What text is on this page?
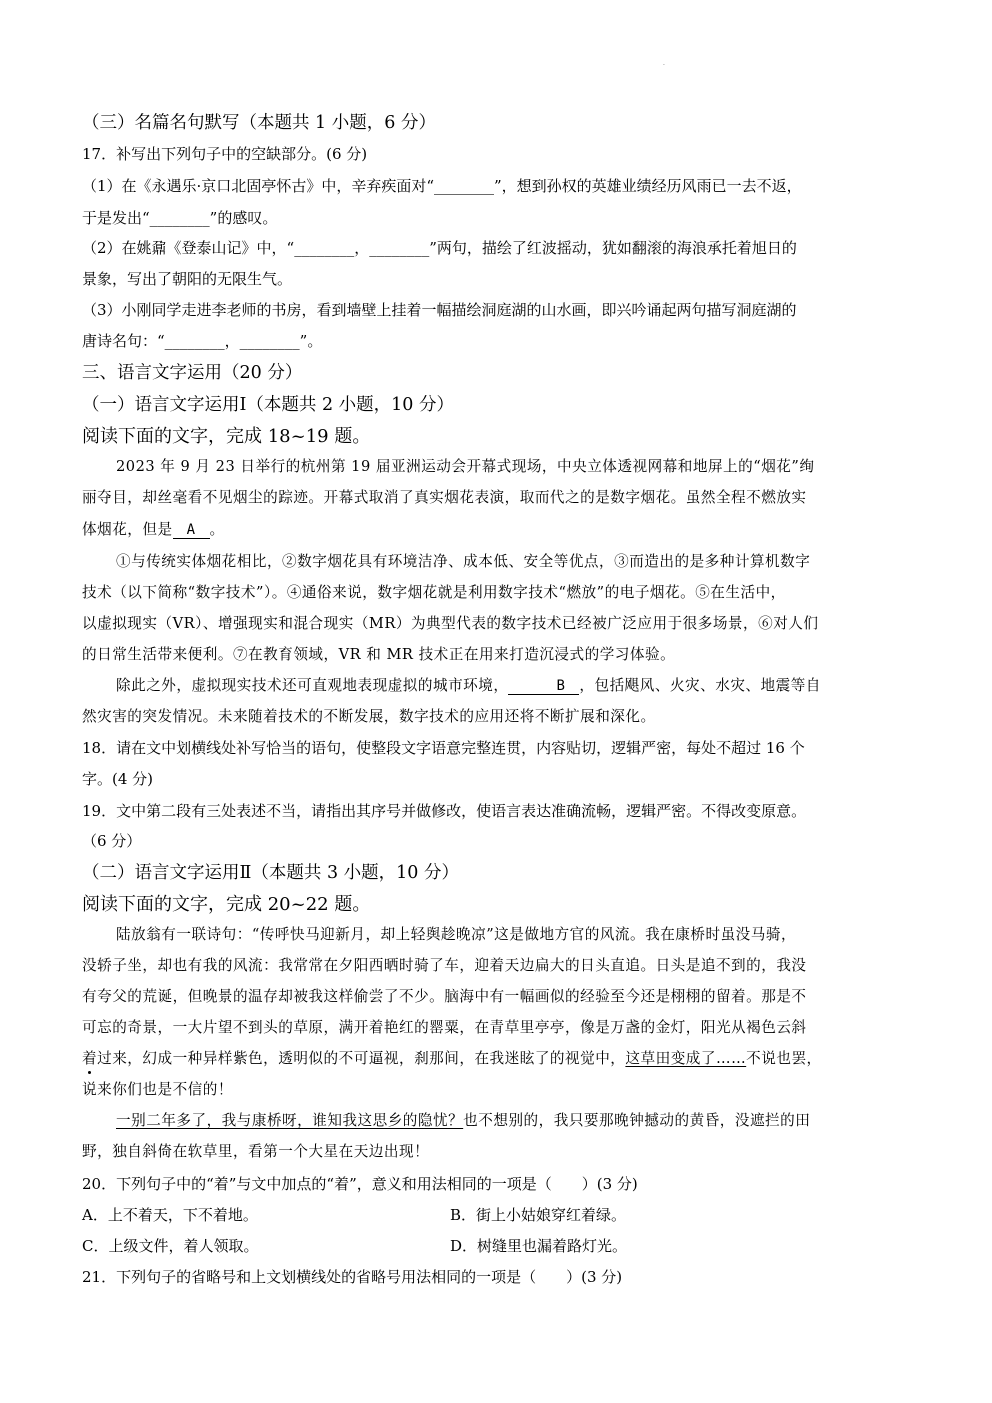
·
（三）名篇名句默写（本题共 1 小题，6 分）
17．补写出下列句子中的空缺部分。(6 分)
（1）在《永遇乐·京口北固亭怀古》中，辛弃疾面对“________”，想到孙权的英雄业绩经历风雨已一去不返，
于是发出“________”的感叹。
（2）在姚鼐《登泰山记》中，“________，________”两句，描绘了红波摇动，犹如翻滚的海浪承托着旭日的
景象，写出了朝阳的无限生气。
（3）小刚同学走进李老师的书房，看到墙壁上挂着一幅描绘洞庭湖的山水画，即兴吟诵起两句描写洞庭湖的
唐诗名句：“________，________”。
三、语言文字运用（20 分）
（一）语言文字运用Ⅰ（本题共 2 小题，10 分）
阅读下面的文字，完成 18~19 题。
2023 年 9 月 23 日举行的杭州第 19 届亚洲运动会开幕式现场，中央立体透视网幕和地屏上的“烟花”绚
丽夺目，却丝毫看不见烟尘的踪迹。开幕式取消了真实烟花表演，取而代之的是数字烟花。虽然全程不燃放实
体烟花，但是 A 。
①与传统实体烟花相比，②数字烟花具有环境洁净、成本低、安全等优点，③而造出的是多种计算机数字
技术（以下简称“数字技术”）。④通俗来说，数字烟花就是利用数字技术“燃放”的电子烟花。⑤在生活中，
以虚拟现实（VR）、增强现实和混合现实（MR）为典型代表的数字技术已经被广泛应用于很多场景，⑥对人们
的日常生活带来便利。⑦在教育领域，VR 和 MR 技术正在用来打造沉浸式的学习体验。
除此之外，虚拟现实技术还可直观地表现虚拟的城市环境，	B ，包括飓风、火灾、水灾、地震等自
然灾害的突发情况。未来随着技术的不断发展，数字技术的应用还将不断扩展和深化。
18．请在文中划横线处补写恰当的语句，使整段文字语意完整连贯，内容贴切，逻辑严密，每处不超过 16 个
字。(4 分)
19．文中第二段有三处表述不当，请指出其序号并做修改，使语言表达准确流畅，逻辑严密。不得改变原意。
（6 分）
（二）语言文字运用Ⅱ（本题共 3 小题，10 分）
阅读下面的文字，完成 20~22 题。
陆放翁有一联诗句：“传呼快马迎新月，却上轻舆趁晚凉”这是做地方官的风流。我在康桥时虽没马骑，
没轿子坐，却也有我的风流：我常常在夕阳西晒时骑了车，迎着天边扁大的日头直追。日头是追不到的，我没
有夸父的荒诞，但晚景的温存却被我这样偷尝了不少。脑海中有一幅画似的经验至今还是栩栩的留着。那是不
可忘的奇景，一大片望不到头的草原，满开着艳红的罂粟，在青草里亭亭，像是万盏的金灯，阳光从褐色云斜
着过来，幻成一种异样紫色，透明似的不可逼视，刹那间，在我迷眩了的视觉中，这草田变成了……不说也罢，
说来你们也是不信的！
一别二年多了，我与康桥呀，谁知我这思乡的隐忧？也不想别的，我只要那晚钟撼动的黄昏，没遮拦的田
野，独自斜倚在软草里，看第一个大星在天边出现！
20．下列句子中的“着”与文中加点的“着”，意义和用法相同的一项是（　　）(3 分)
A．上不着天，下不着地。	B．街上小姑娘穿红着绿。
C．上级文件，着人领取。	D．树缝里也漏着路灯光。
21．下列句子的省略号和上文划横线处的省略号用法相同的一项是（　　）(3 分)
